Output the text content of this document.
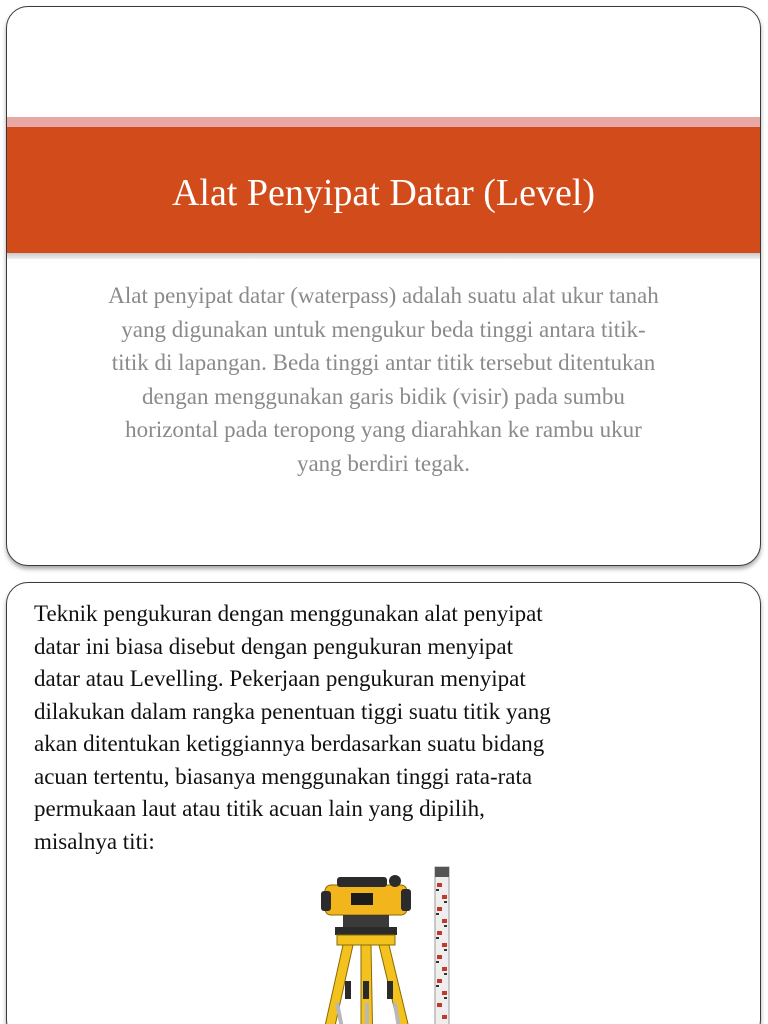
Alat Penyipat Datar (Level)
Alat penyipat datar (waterpass) adalah suatu alat ukur tanah
yang digunakan untuk mengukur beda tinggi antara titik-
titik di lapangan. Beda tinggi antar titik tersebut ditentukan
dengan menggunakan garis bidik (visir) pada sumbu
horizontal pada teropong yang diarahkan ke rambu ukur
yang berdiri tegak.
Teknik pengukuran dengan menggunakan alat penyipat
datar ini biasa disebut dengan pengukuran menyipat
datar atau Levelling. Pekerjaan pengukuran menyipat
dilakukan dalam rangka penentuan tiggi suatu titik yang
akan ditentukan ketiggiannya berdasarkan suatu bidang
acuan tertentu, biasanya menggunakan tinggi rata-rata
permukaan laut atau titik acuan lain yang dipilih,
misalnya titi:
